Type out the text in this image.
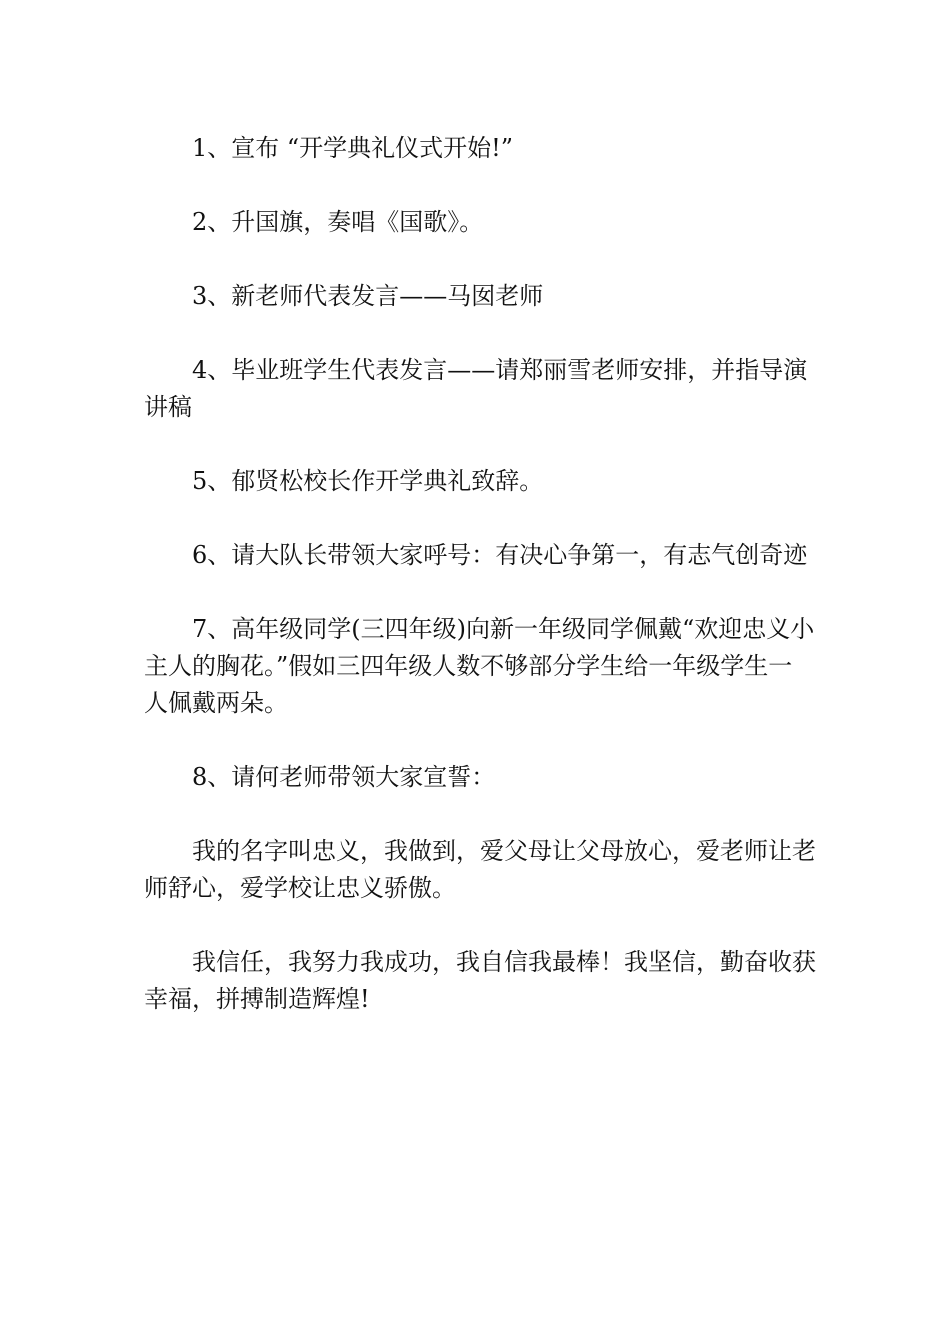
1、宣布 “开学典礼仪式开始!”

2、升国旗，奏唱《国歌》。

3、新老师代表发言——马囡老师

4、毕业班学生代表发言——请郑丽雪老师安排，并指导演讲稿

5、郁贤松校长作开学典礼致辞。

6、请大队长带领大家呼号：有决心争第一，有志气创奇迹

7、高年级同学(三四年级)向新一年级同学佩戴“欢迎忠义小主人的胸花。”假如三四年级人数不够部分学生给一年级学生一人佩戴两朵。

8、请何老师带领大家宣誓：

我的名字叫忠义，我做到，爱父母让父母放心，爱老师让老师舒心，爱学校让忠义骄傲。

我信任，我努力我成功，我自信我最棒！我坚信，勤奋收获幸福，拼搏制造辉煌!
